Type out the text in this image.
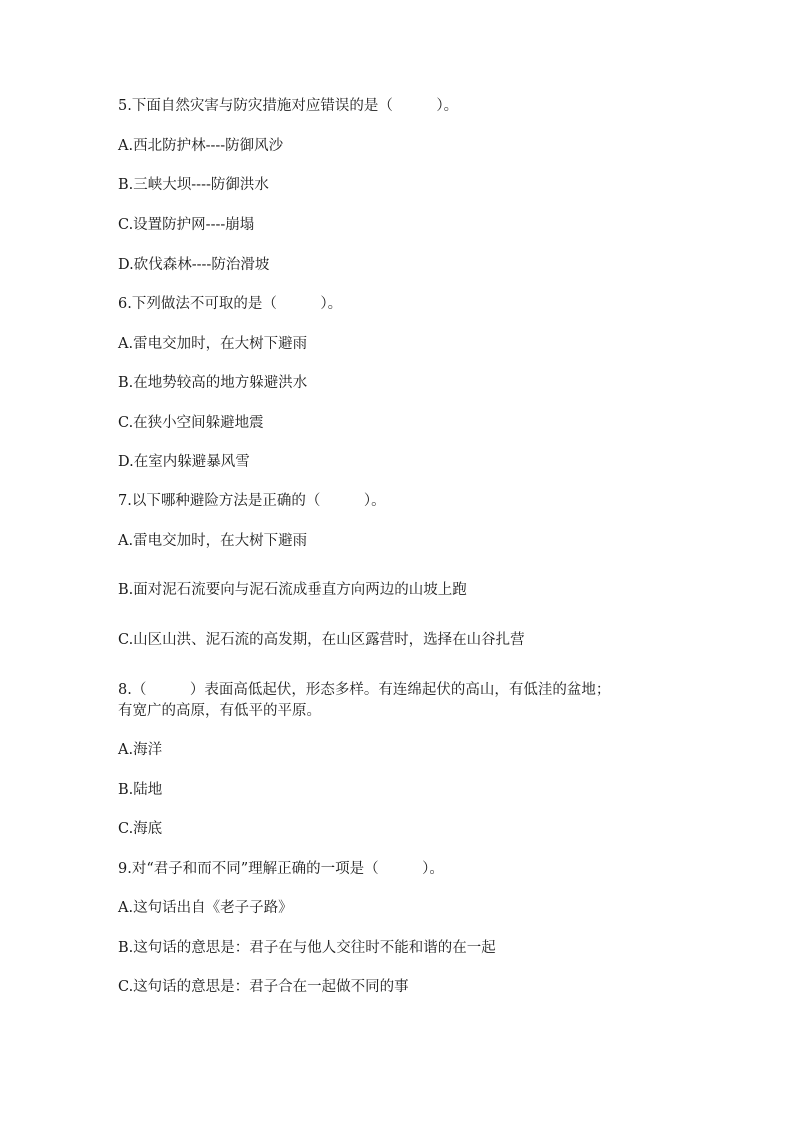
5.下面自然灾害与防灾措施对应错误的是（　　　）。
A.西北防护林----防御风沙
B.三峡大坝----防御洪水
C.设置防护网----崩塌
D.砍伐森林----防治滑坡
6.下列做法不可取的是（　　　）。
A.雷电交加时，在大树下避雨
B.在地势较高的地方躲避洪水
C.在狭小空间躲避地震
D.在室内躲避暴风雪
7.以下哪种避险方法是正确的（　　　）。
A.雷电交加时，在大树下避雨
B.面对泥石流要向与泥石流成垂直方向两边的山坡上跑
C.山区山洪、泥石流的高发期，在山区露营时，选择在山谷扎营
8.（　　　）表面高低起伏，形态多样。有连绵起伏的高山，有低洼的盆地；
有宽广的高原，有低平的平原。
A.海洋
B.陆地
C.海底
9.对“君子和而不同”理解正确的一项是（　　　）。
A.这句话出自《老子子路》
B.这句话的意思是：君子在与他人交往时不能和谐的在一起
C.这句话的意思是：君子合在一起做不同的事
